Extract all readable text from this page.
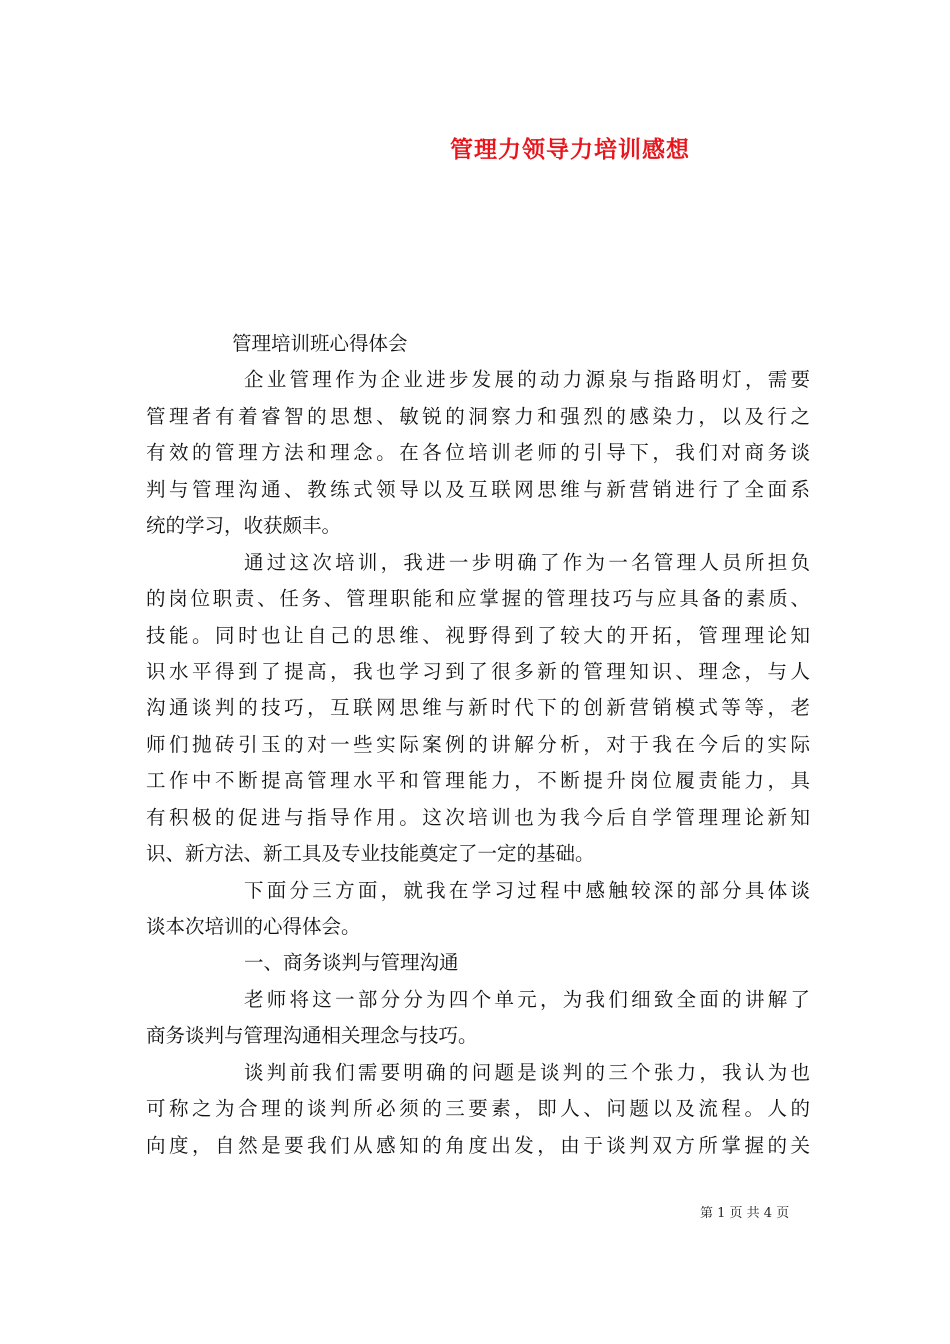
管理力领导力培训感想
管理培训班心得体会
企业管理作为企业进步发展的动力源泉与指路明灯，需要
管理者有着睿智的思想、敏锐的洞察力和强烈的感染力，以及行之
有效的管理方法和理念。在各位培训老师的引导下，我们对商务谈
判与管理沟通、教练式领导以及互联网思维与新营销进行了全面系
统的学习，收获颇丰。
通过这次培训，我进一步明确了作为一名管理人员所担负
的岗位职责、任务、管理职能和应掌握的管理技巧与应具备的素质、
技能。同时也让自己的思维、视野得到了较大的开拓，管理理论知
识水平得到了提高，我也学习到了很多新的管理知识、理念，与人
沟通谈判的技巧，互联网思维与新时代下的创新营销模式等等，老
师们抛砖引玉的对一些实际案例的讲解分析，对于我在今后的实际
工作中不断提高管理水平和管理能力，不断提升岗位履责能力，具
有积极的促进与指导作用。这次培训也为我今后自学管理理论新知
识、新方法、新工具及专业技能奠定了一定的基础。
下面分三方面，就我在学习过程中感触较深的部分具体谈
谈本次培训的心得体会。
一、商务谈判与管理沟通
老师将这一部分分为四个单元，为我们细致全面的讲解了
商务谈判与管理沟通相关理念与技巧。
谈判前我们需要明确的问题是谈判的三个张力，我认为也
可称之为合理的谈判所必须的三要素，即人、问题以及流程。人的
向度，自然是要我们从感知的角度出发，由于谈判双方所掌握的关
第 1 页 共 4 页
